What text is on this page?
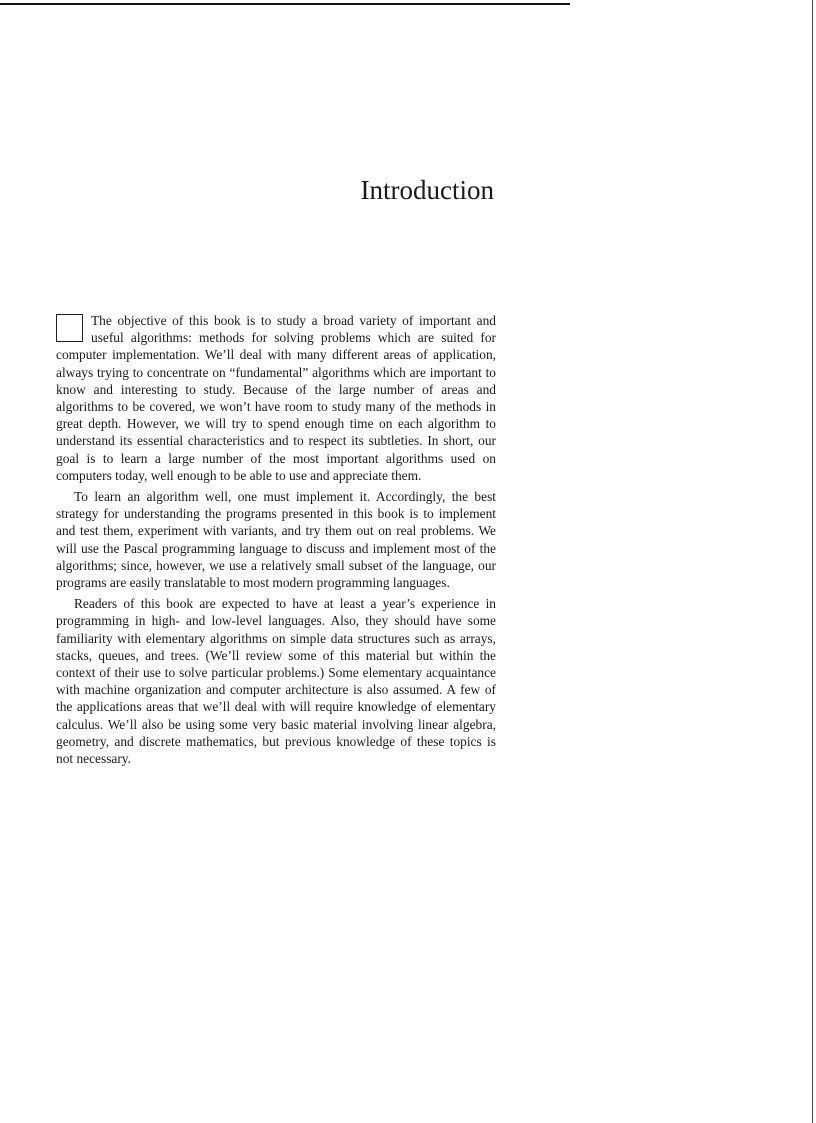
Introduction

The objective of this book is to study a broad variety of important and useful algorithms: methods for solving problems which are suited for computer implementation. We’ll deal with many different areas of application, always trying to concentrate on “fundamental” algorithms which are important to know and interesting to study. Because of the large number of areas and algorithms to be covered, we won’t have room to study many of the methods in great depth. However, we will try to spend enough time on each algorithm to understand its essential characteristics and to respect its subtleties. In short, our goal is to learn a large number of the most important algorithms used on computers today, well enough to be able to use and appreciate them.

To learn an algorithm well, one must implement it. Accordingly, the best strategy for understanding the programs presented in this book is to implement and test them, experiment with variants, and try them out on real problems. We will use the Pascal programming language to discuss and implement most of the algorithms; since, however, we use a relatively small subset of the language, our programs are easily translatable to most modern programming languages.

Readers of this book are expected to have at least a year’s experience in programming in high- and low-level languages. Also, they should have some familiarity with elementary algorithms on simple data structures such as arrays, stacks, queues, and trees. (We’ll review some of this material but within the context of their use to solve particular problems.) Some elementary acquaintance with machine organization and computer architecture is also assumed. A few of the applications areas that we’ll deal with will require knowledge of elementary calculus. We’ll also be using some very basic material involving linear algebra, geometry, and discrete mathematics, but previous knowledge of these topics is not necessary.
